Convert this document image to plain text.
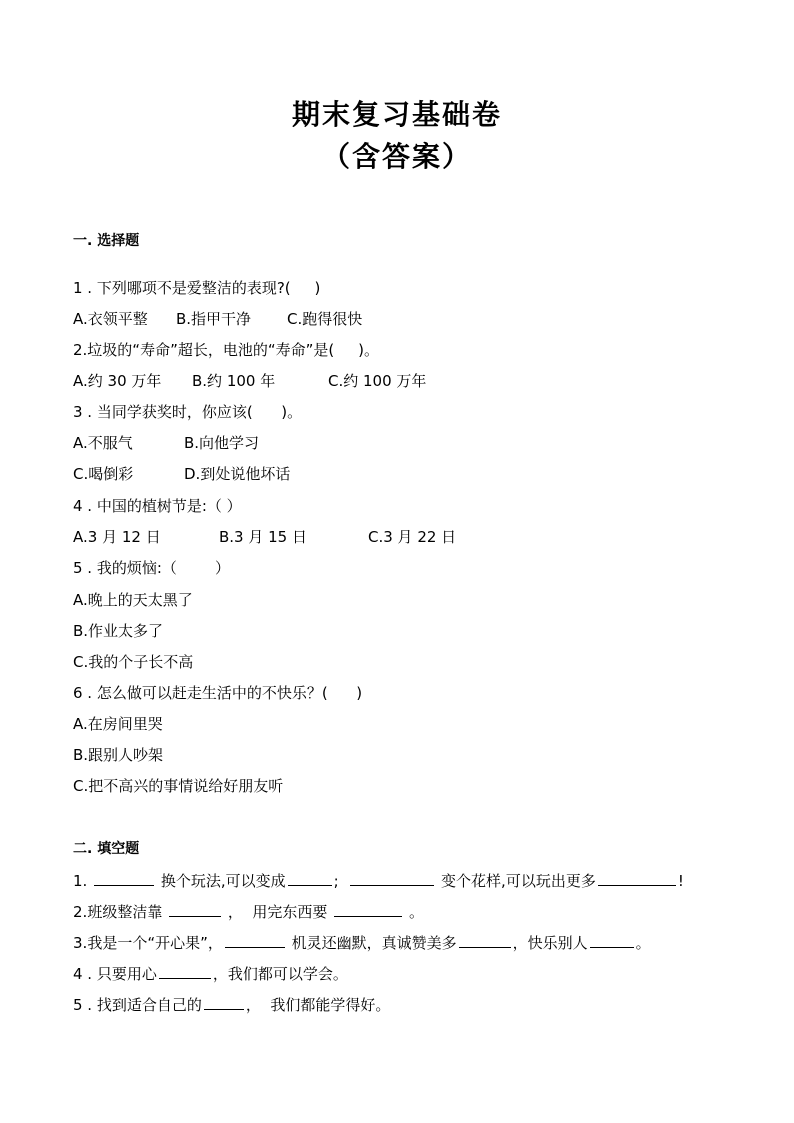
期末复习基础卷
（含答案）
一. 选择题
1 . 下列哪项不是爱整洁的表现?(     )
A.衣领平整 B.指甲干净 C.跑得很快
2.垃圾的“寿命”超长，电池的“寿命”是(     )。
A.约 30 万年 B.约 100 年	C.约 100 万年
3 . 当同学获奖时，你应该(      )。
A.不服气	B.向他学习
C.喝倒彩	D.到处说他坏话
4 . 中国的植树节是:（ ）
A.3 月 12 日	B.3 月 15 日	C.3 月 22 日
5 . 我的烦恼:（        ）
A.晚上的天太黑了
B.作业太多了
C.我的个子长不高
6 . 怎么做可以赶走生活中的不快乐？(      )
A.在房间里哭
B.跟别人吵架
C.把不高兴的事情说给好朋友听
二. 填空题
1.	换个玩法,可以变成	;	变个花样,可以玩出更多	!
2.班级整洁靠	，  用完东西要	。
3.我是一个“开心果”，	机灵还幽默，真诚赞美多	，快乐别人	。
4 . 只要用心	，我们都可以学会。
5 . 找到适合自己的	，  我们都能学得好。
